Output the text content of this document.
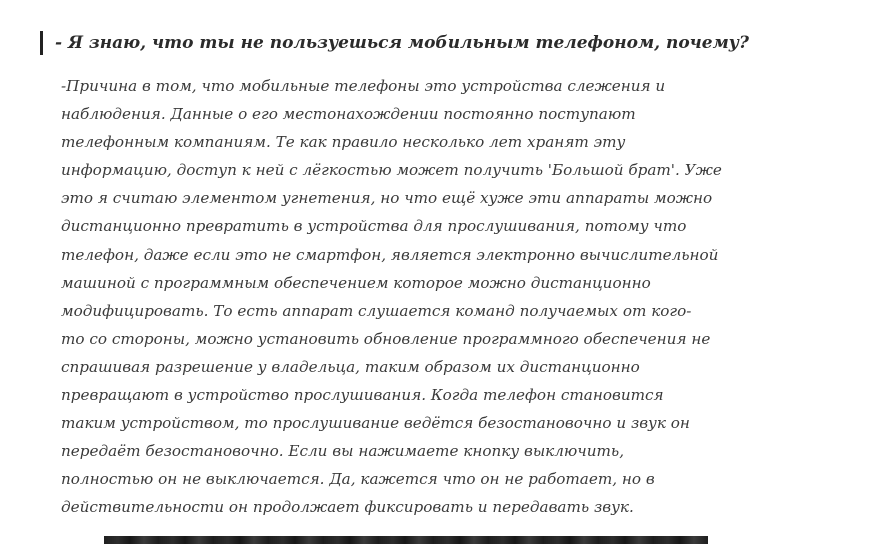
- Я знаю, что ты не пользуешься мобильным телефоном, почему?

-Причина в том, что мобильные телефоны это устройства слежения и
наблюдения. Данные о его местонахождении постоянно поступают
телефонным компаниям. Те как правило несколько лет хранят эту
информацию, доступ к ней с лёгкостью может получить 'Большой брат'. Уже
это я считаю элементом угнетения, но что ещё хуже эти аппараты можно
дистанционно превратить в устройства для прослушивания, потому что
телефон, даже если это не смартфон, является электронно вычислительной
машиной с программным обеспечением которое можно дистанционно
модифицировать. То есть аппарат слушается команд получаемых от кого-
то со стороны, можно установить обновление программного обеспечения не
спрашивая разрешение у владельца, таким образом их дистанционно
превращают в устройство прослушивания. Когда телефон становится
таким устройством, то прослушивание ведётся безостановочно и звук он
передаёт безостановочно. Если вы нажимаете кнопку выключить,
полностью он не выключается. Да, кажется что он не работает, но в
действительности он продолжает фиксировать и передавать звук.
